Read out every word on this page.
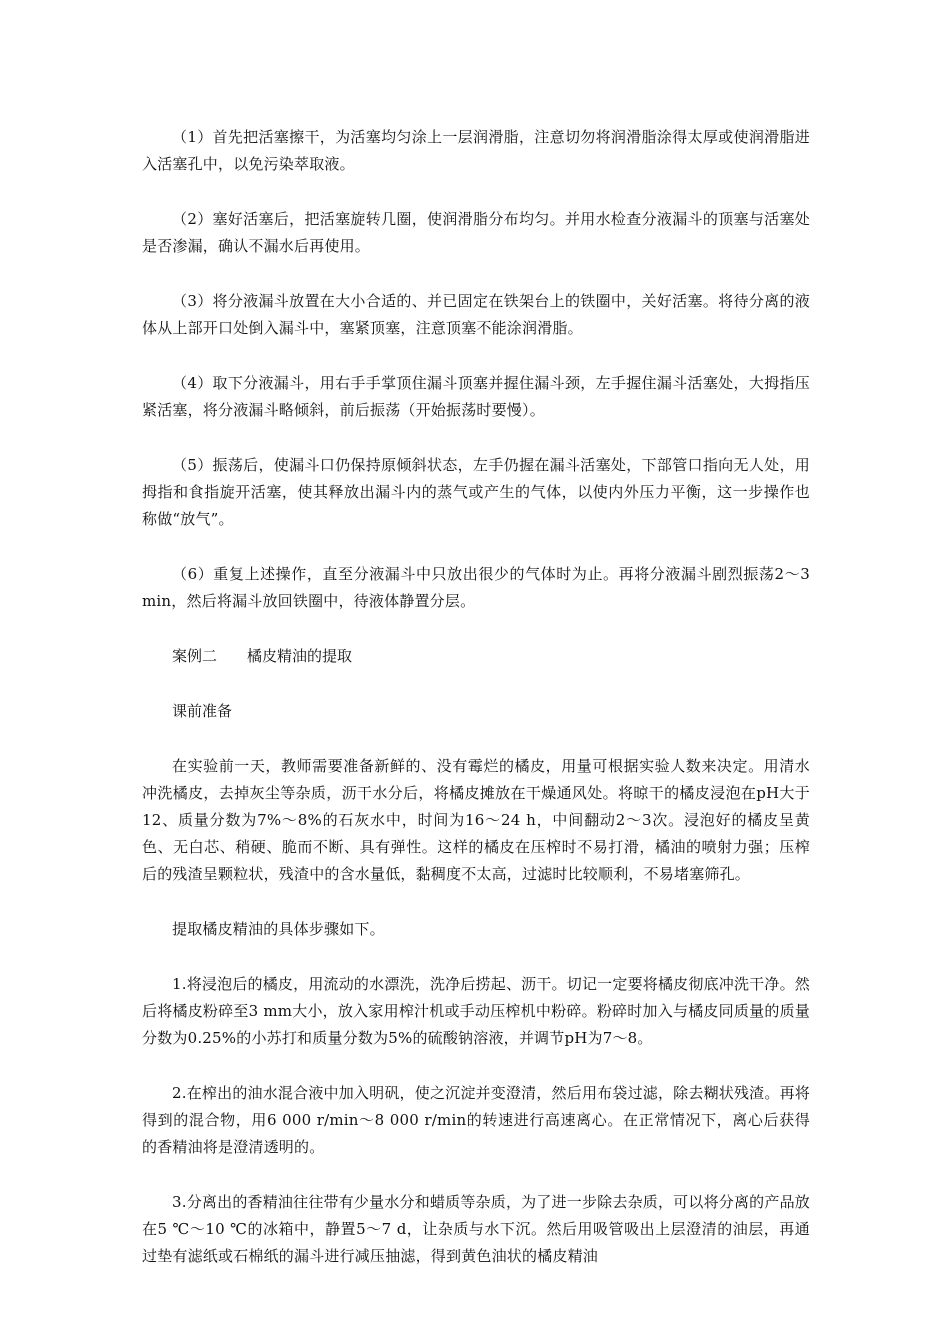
（1）首先把活塞擦干，为活塞均匀涂上一层润滑脂，注意切勿将润滑脂涂得太厚或使润滑脂进入活塞孔中，以免污染萃取液。

（2）塞好活塞后，把活塞旋转几圈，使润滑脂分布均匀。并用水检查分液漏斗的顶塞与活塞处是否渗漏，确认不漏水后再使用。

（3）将分液漏斗放置在大小合适的、并已固定在铁架台上的铁圈中，关好活塞。将待分离的液体从上部开口处倒入漏斗中，塞紧顶塞，注意顶塞不能涂润滑脂。

（4）取下分液漏斗，用右手手掌顶住漏斗顶塞并握住漏斗颈，左手握住漏斗活塞处，大拇指压紧活塞，将分液漏斗略倾斜，前后振荡（开始振荡时要慢）。

（5）振荡后，使漏斗口仍保持原倾斜状态，左手仍握在漏斗活塞处，下部管口指向无人处，用拇指和食指旋开活塞，使其释放出漏斗内的蒸气或产生的气体，以使内外压力平衡，这一步操作也称做“放气”。

（6）重复上述操作，直至分液漏斗中只放出很少的气体时为止。再将分液漏斗剧烈振荡2～3 min，然后将漏斗放回铁圈中，待液体静置分层。

案例二 橘皮精油的提取

课前准备

在实验前一天，教师需要准备新鲜的、没有霉烂的橘皮，用量可根据实验人数来决定。用清水冲洗橘皮，去掉灰尘等杂质，沥干水分后，将橘皮摊放在干燥通风处。将晾干的橘皮浸泡在pH大于12、质量分数为7%～8%的石灰水中，时间为16～24 h，中间翻动2～3次。浸泡好的橘皮呈黄色、无白芯、稍硬、脆而不断、具有弹性。这样的橘皮在压榨时不易打滑，橘油的喷射力强；压榨后的残渣呈颗粒状，残渣中的含水量低，黏稠度不太高，过滤时比较顺利，不易堵塞筛孔。

提取橘皮精油的具体步骤如下。

1.将浸泡后的橘皮，用流动的水漂洗，洗净后捞起、沥干。切记一定要将橘皮彻底冲洗干净。然后将橘皮粉碎至3 mm大小，放入家用榨汁机或手动压榨机中粉碎。粉碎时加入与橘皮同质量的质量分数为0.25%的小苏打和质量分数为5%的硫酸钠溶液，并调节pH为7～8。

2.在榨出的油水混合液中加入明矾，使之沉淀并变澄清，然后用布袋过滤，除去糊状残渣。再将得到的混合物，用6 000 r/min～8 000 r/min的转速进行高速离心。在正常情况下，离心后获得的香精油将是澄清透明的。

3.分离出的香精油往往带有少量水分和蜡质等杂质，为了进一步除去杂质，可以将分离的产品放在5 ℃～10 ℃的冰箱中，静置5～7 d，让杂质与水下沉。然后用吸管吸出上层澄清的油层，再通过垫有滤纸或石棉纸的漏斗进行减压抽滤，得到黄色油状的橘皮精油
